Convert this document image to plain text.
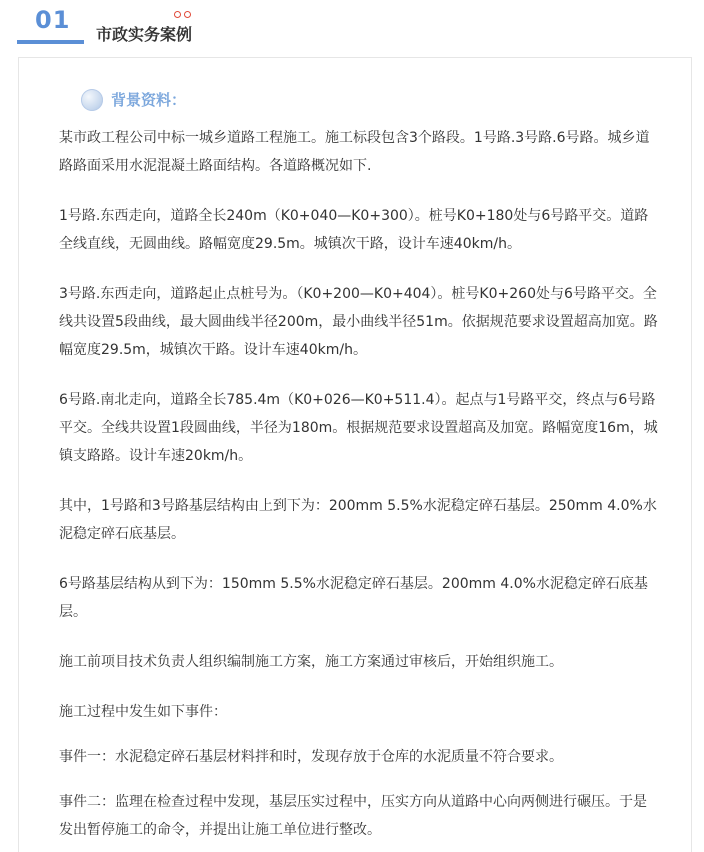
01
市政实务案例
背景资料：

某市政工程公司中标一城乡道路工程施工。施工标段包含3个路段。1号路.3号路.6号路。城乡道路路面采用水泥混凝土路面结构。各道路概况如下.

1号路.东西走向，道路全长240m（K0+040—K0+300）。桩号K0+180处与6号路平交。道路全线直线，无圆曲线。路幅宽度29.5m。城镇次干路，设计车速40km/h。

3号路.东西走向，道路起止点桩号为。（K0+200—K0+404）。桩号K0+260处与6号路平交。全线共设置5段曲线，最大圆曲线半径200m，最小曲线半径51m。依据规范要求设置超高加宽。路幅宽度29.5m，城镇次干路。设计车速40km/h。

6号路.南北走向，道路全长785.4m（K0+026—K0+511.4）。起点与1号路平交，终点与6号路平交。全线共设置1段圆曲线，半径为180m。根据规范要求设置超高及加宽。路幅宽度16m，城镇支路路。设计车速20km/h。

其中，1号路和3号路基层结构由上到下为：200mm 5.5%水泥稳定碎石基层。250mm 4.0%水泥稳定碎石底基层。

6号路基层结构从到下为：150mm 5.5%水泥稳定碎石基层。200mm 4.0%水泥稳定碎石底基层。

施工前项目技术负责人组织编制施工方案，施工方案通过审核后，开始组织施工。

施工过程中发生如下事件：

事件一：水泥稳定碎石基层材料拌和时，发现存放于仓库的水泥质量不符合要求。

事件二：监理在检查过程中发现，基层压实过程中，压实方向从道路中心向两侧进行碾压。于是发出暂停施工的命令，并提出让施工单位进行整改。
